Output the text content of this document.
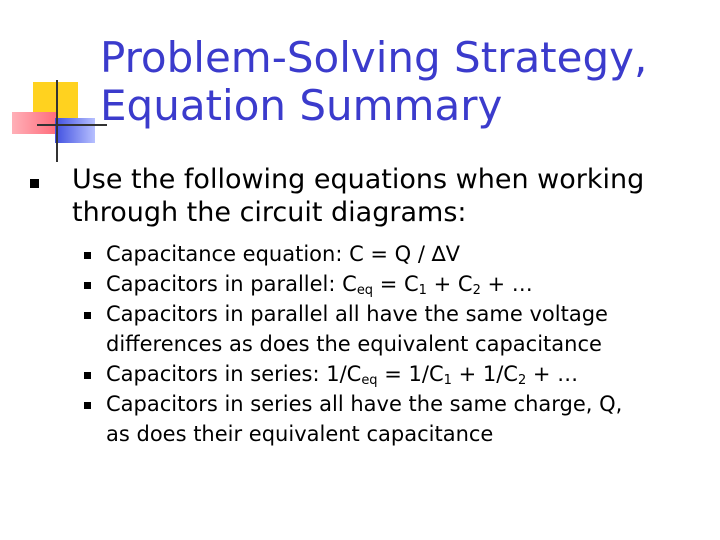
Problem-Solving Strategy,
Equation Summary
Use the following equations when working
through the circuit diagrams:
Capacitance equation: C = Q / ∆V
Capacitors in parallel: $C_{eq} = C_1 + C_2$ + …
Capacitors in parallel all have the same voltage
differences as does the equivalent capacitance
Capacitors in series: $1/C_{eq} = 1/C_1 + 1/C_2$ + …
Capacitors in series all have the same charge, Q,
as does their equivalent capacitance
